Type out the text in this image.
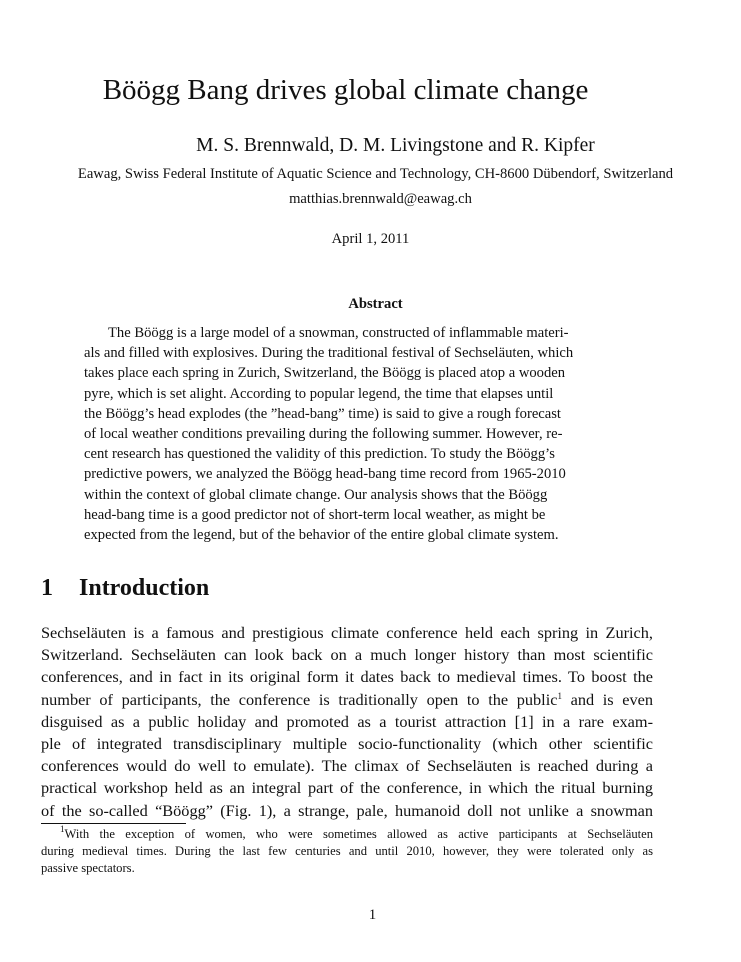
Böögg Bang drives global climate change
M. S. Brennwald, D. M. Livingstone and R. Kipfer
Eawag, Swiss Federal Institute of Aquatic Science and Technology, CH-8600 Dübendorf, Switzerland
matthias.brennwald@eawag.ch
April 1, 2011
Abstract
The Böögg is a large model of a snowman, constructed of inflammable materi-
als and filled with explosives. During the traditional festival of Sechseläuten, which
takes place each spring in Zurich, Switzerland, the Böögg is placed atop a wooden
pyre, which is set alight. According to popular legend, the time that elapses until
the Böögg’s head explodes (the ”head-bang” time) is said to give a rough forecast
of local weather conditions prevailing during the following summer. However, re-
cent research has questioned the validity of this prediction. To study the Böögg’s
predictive powers, we analyzed the Böögg head-bang time record from 1965-2010
within the context of global climate change. Our analysis shows that the Böögg
head-bang time is a good predictor not of short-term local weather, as might be
expected from the legend, but of the behavior of the entire global climate system.
1 Introduction
Sechseläuten is a famous and prestigious climate conference held each spring in Zurich,
Switzerland. Sechseläuten can look back on a much longer history than most scientific
conferences, and in fact in its original form it dates back to medieval times. To boost the
number of participants, the conference is traditionally open to the public$^1$ and is even
disguised as a public holiday and promoted as a tourist attraction [1] in a rare exam-
ple of integrated transdisciplinary multiple socio-functionality (which other scientific
conferences would do well to emulate). The climax of Sechseläuten is reached during a
practical workshop held as an integral part of the conference, in which the ritual burning
of the so-called “Böögg” (Fig. 1), a strange, pale, humanoid doll not unlike a snowman
$^1$With the exception of women, who were sometimes allowed as active participants at Sechseläuten
during medieval times. During the last few centuries and until 2010, however, they were tolerated only as
passive spectators.
1
